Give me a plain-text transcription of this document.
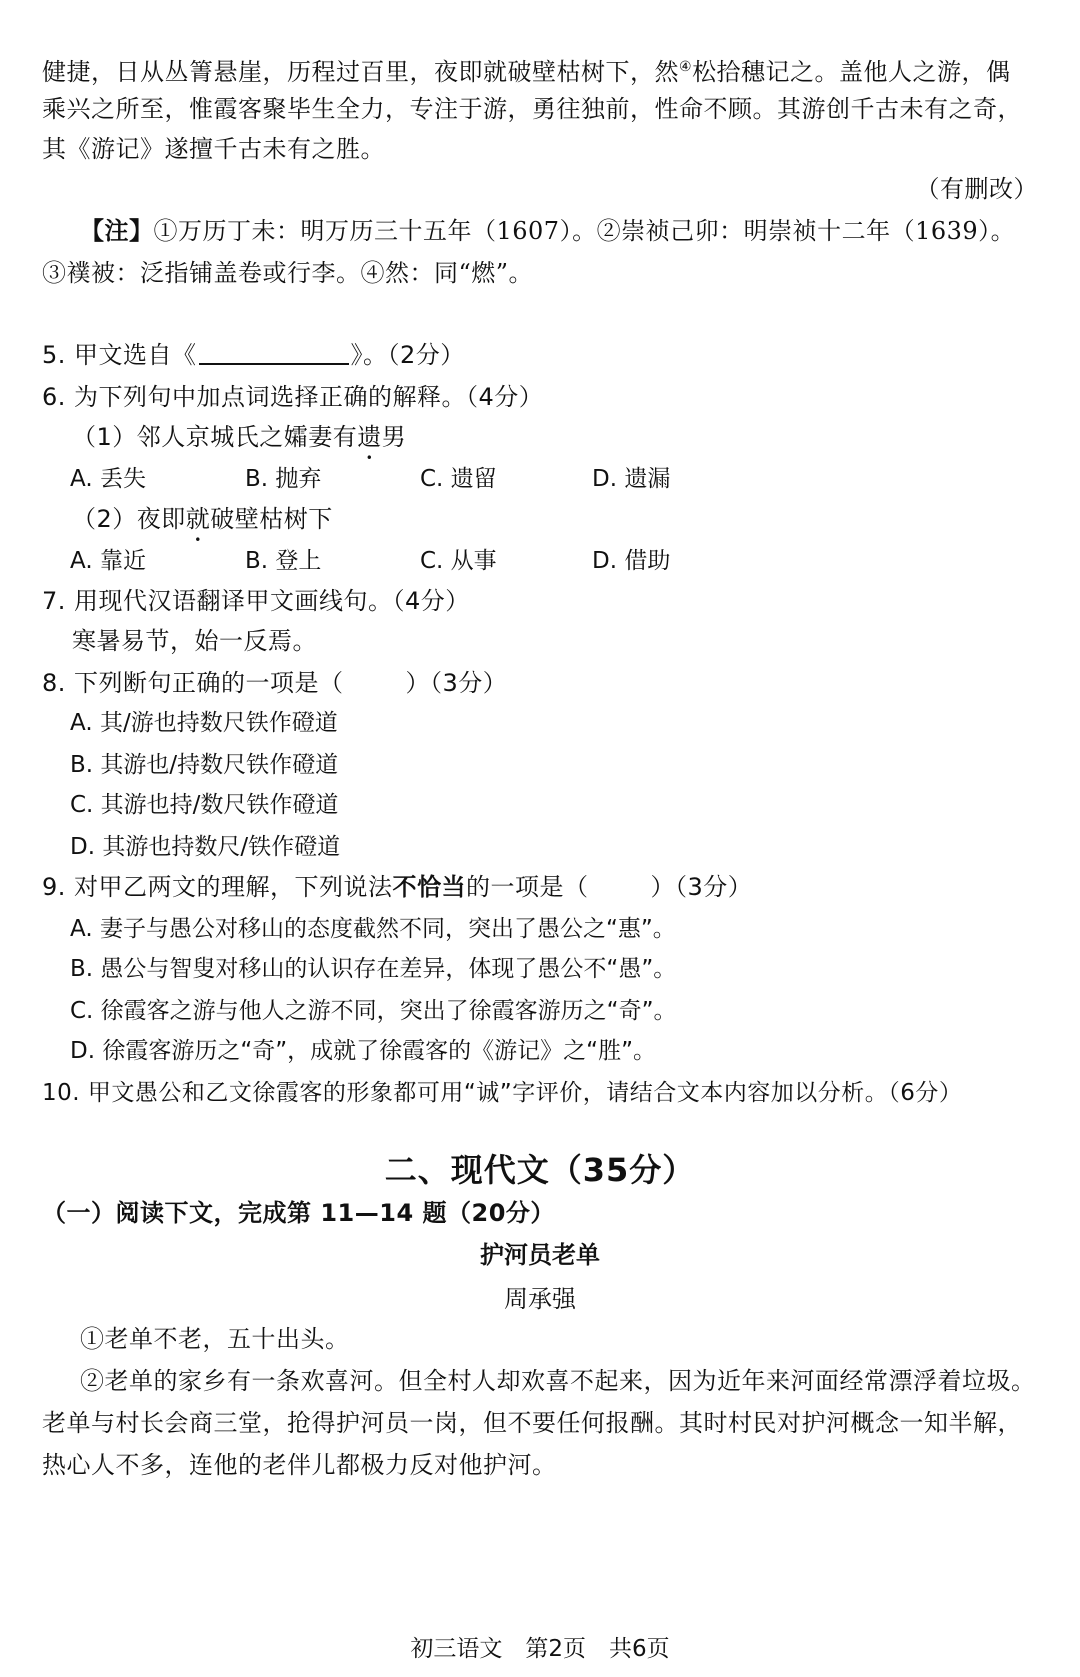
健捷，日从丛箐悬崖，历程过百里，夜即就破壁枯树下，然④松拾穗记之。盖他人之游，偶
乘兴之所至，惟霞客聚毕生全力，专注于游，勇往独前，性命不顾。其游创千古未有之奇，
其《游记》遂擅千古未有之胜。
（有删改）
【注】①万历丁未：明万历三十五年（1607）。②崇祯己卯：明崇祯十二年（1639）。
③襆被：泛指铺盖卷或行李。④然：同“燃”。
5. 甲文选自《	》。（2分）
6. 为下列句中加点词选择正确的解释。（4分）
（1）邻人京城氏之孀妻有遗男
A. 丢失	B. 抛弃	C. 遗留	D. 遗漏
（2）夜即就破壁枯树下
A. 靠近	B. 登上	C. 从事	D. 借助
7. 用现代汉语翻译甲文画线句。（4分）
寒暑易节，始一反焉。
8. 下列断句正确的一项是（	）（3分）
A. 其/游也持数尺铁作磴道
B. 其游也/持数尺铁作磴道
C. 其游也持/数尺铁作磴道
D. 其游也持数尺/铁作磴道
9. 对甲乙两文的理解，下列说法不恰当的一项是（	）（3分）
A. 妻子与愚公对移山的态度截然不同，突出了愚公之“惠”。
B. 愚公与智叟对移山的认识存在差异，体现了愚公不“愚”。
C. 徐霞客之游与他人之游不同，突出了徐霞客游历之“奇”。
D. 徐霞客游历之“奇”，成就了徐霞客的《游记》之“胜”。
10. 甲文愚公和乙文徐霞客的形象都可用“诚”字评价，请结合文本内容加以分析。（6分）
二、现代文（35分）
（一）阅读下文，完成第 11—14 题（20分）
护河员老单
周承强
①老单不老，五十出头。
②老单的家乡有一条欢喜河。但全村人却欢喜不起来，因为近年来河面经常漂浮着垃圾。
老单与村长会商三堂，抢得护河员一岗，但不要任何报酬。其时村民对护河概念一知半解，
热心人不多，连他的老伴儿都极力反对他护河。
初三语文　第2页　共6页
